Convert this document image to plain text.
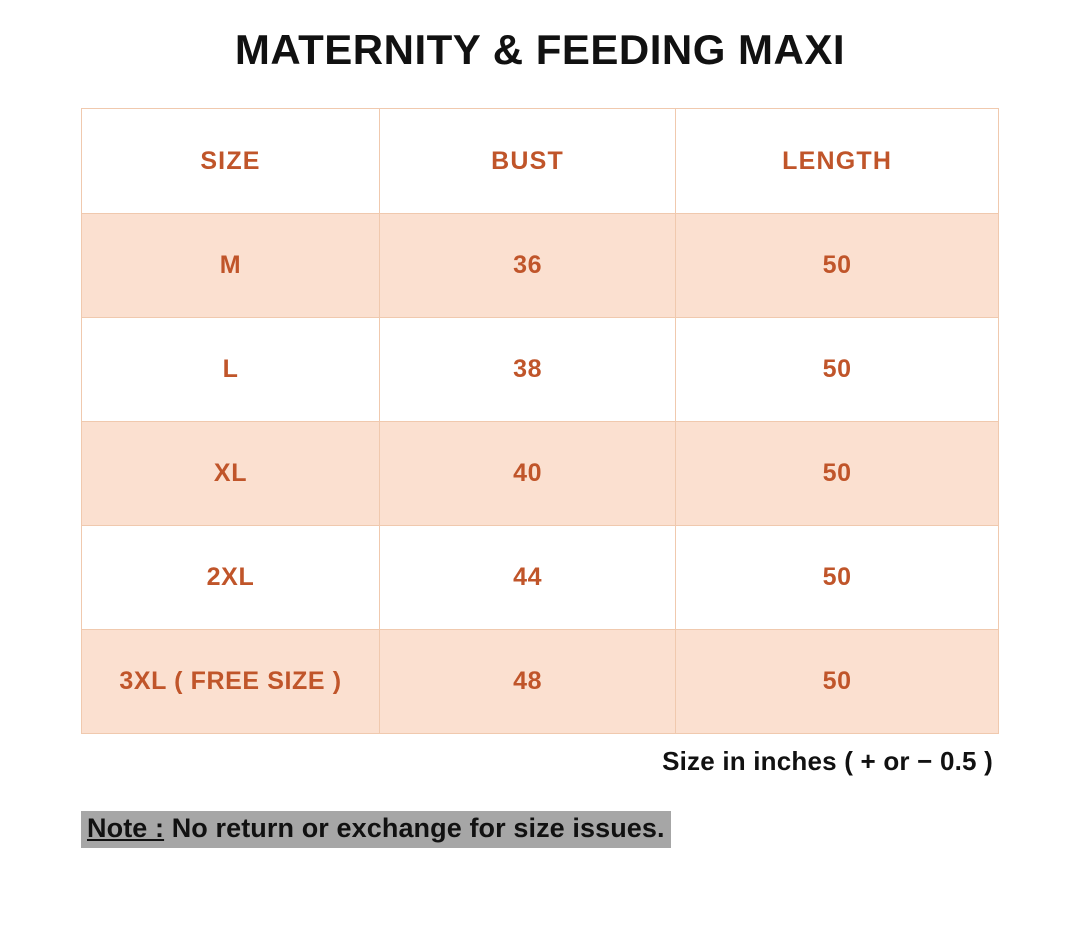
MATERNITY & FEEDING MAXI
SIZE	BUST	LENGTH
M	36	50
L	38	50
XL	40	50
2XL	44	50
3XL ( FREE SIZE )	48	50
Size in inches ( + or − 0.5 )
Note : No return or exchange for size issues.
